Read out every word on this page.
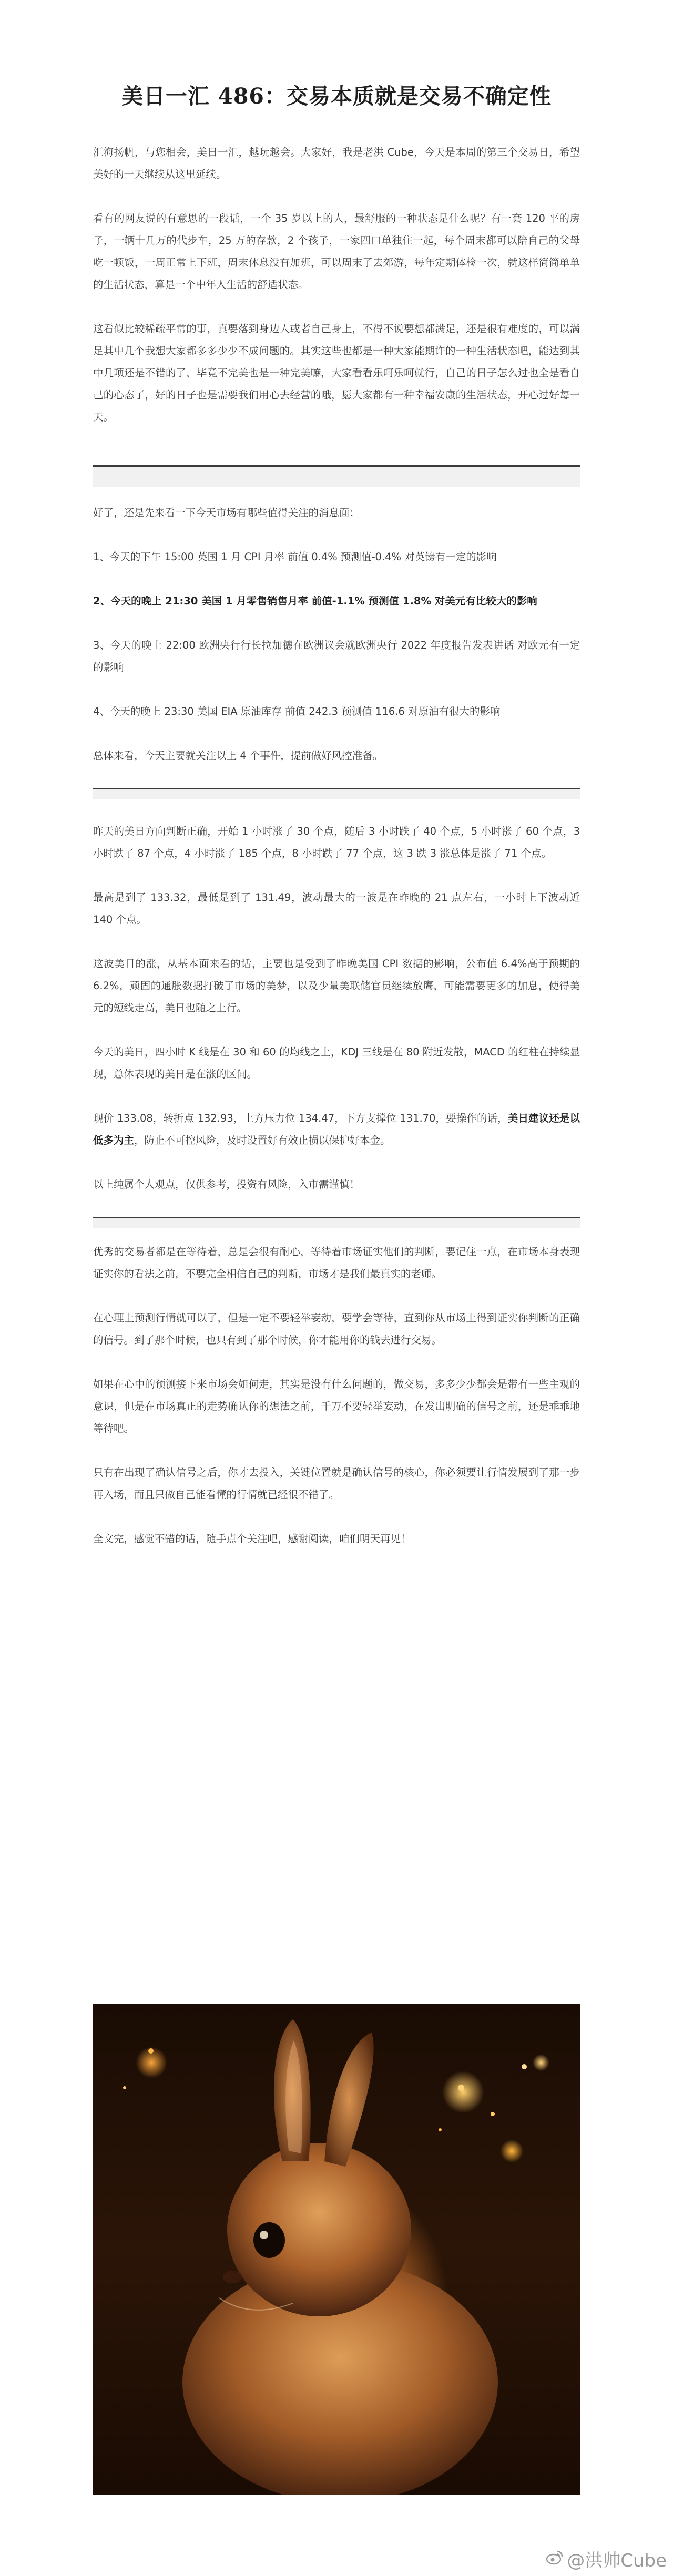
美日一汇 486：交易本质就是交易不确定性

汇海扬帆，与您相会，美日一汇，越玩越会。大家好，我是老洪 Cube，今天是本周的第三个交易日，希望美好的一天继续从这里延续。

看有的网友说的有意思的一段话，一个 35 岁以上的人，最舒服的一种状态是什么呢？有一套 120 平的房子，一辆十几万的代步车，25 万的存款，2 个孩子，一家四口单独住一起，每个周末都可以陪自己的父母吃一顿饭，一周正常上下班，周末休息没有加班，可以周末了去郊游，每年定期体检一次，就这样简简单单的生活状态，算是一个中年人生活的舒适状态。

这看似比较稀疏平常的事，真要落到身边人或者自己身上，不得不说要想都满足，还是很有难度的，可以满足其中几个我想大家都多多少少不成问题的。其实这些也都是一种大家能期许的一种生活状态吧，能达到其中几项还是不错的了，毕竟不完美也是一种完美嘛，大家看看乐呵乐呵就行，自己的日子怎么过也全是看自己的心态了，好的日子也是需要我们用心去经营的哦，愿大家都有一种幸福安康的生活状态，开心过好每一天。

好了，还是先来看一下今天市场有哪些值得关注的消息面：

1、今天的下午 15:00 英国 1 月 CPI 月率 前值 0.4% 预测值-0.4% 对英镑有一定的影响

2、今天的晚上 21:30 美国 1 月零售销售月率 前值-1.1% 预测值 1.8% 对美元有比较大的影响

3、今天的晚上 22:00 欧洲央行行长拉加德在欧洲议会就欧洲央行 2022 年度报告发表讲话 对欧元有一定的影响

4、今天的晚上 23:30 美国 EIA 原油库存 前值 242.3 预测值 116.6 对原油有很大的影响

总体来看，今天主要就关注以上 4 个事件，提前做好风控准备。

昨天的美日方向判断正确，开始 1 小时涨了 30 个点，随后 3 小时跌了 40 个点，5 小时涨了 60 个点，3 小时跌了 87 个点，4 小时涨了 185 个点，8 小时跌了 77 个点，这 3 跌 3 涨总体是涨了 71 个点。

最高是到了 133.32，最低是到了 131.49，波动最大的一波是在昨晚的 21 点左右，一小时上下波动近 140 个点。

这波美日的涨，从基本面来看的话，主要也是受到了昨晚美国 CPI 数据的影响，公布值 6.4%高于预期的 6.2%，顽固的通胀数据打破了市场的美梦，以及少量美联储官员继续放鹰，可能需要更多的加息，使得美元的短线走高，美日也随之上行。

今天的美日，四小时 K 线是在 30 和 60 的均线之上，KDJ 三线是在 80 附近发散，MACD 的红柱在持续显现，总体表现的美日是在涨的区间。

现价 133.08，转折点 132.93，上方压力位 134.47，下方支撑位 131.70，要操作的话，美日建议还是以低多为主，防止不可控风险，及时设置好有效止损以保护好本金。

以上纯属个人观点，仅供参考，投资有风险，入市需谨慎！

优秀的交易者都是在等待着，总是会很有耐心，等待着市场证实他们的判断，要记住一点，在市场本身表现证实你的看法之前，不要完全相信自己的判断，市场才是我们最真实的老师。

在心理上预测行情就可以了，但是一定不要轻举妄动，要学会等待，直到你从市场上得到证实你判断的正确的信号。到了那个时候，也只有到了那个时候，你才能用你的钱去进行交易。

如果在心中的预测接下来市场会如何走，其实是没有什么问题的，做交易，多多少少都会是带有一些主观的意识，但是在市场真正的走势确认你的想法之前，千万不要轻举妄动，在发出明确的信号之前，还是乖乖地等待吧。

只有在出现了确认信号之后，你才去投入，关键位置就是确认信号的核心，你必须要让行情发展到了那一步再入场，而且只做自己能看懂的行情就已经很不错了。

全文完，感觉不错的话，随手点个关注吧，感谢阅读，咱们明天再见！

@洪帅Cube
